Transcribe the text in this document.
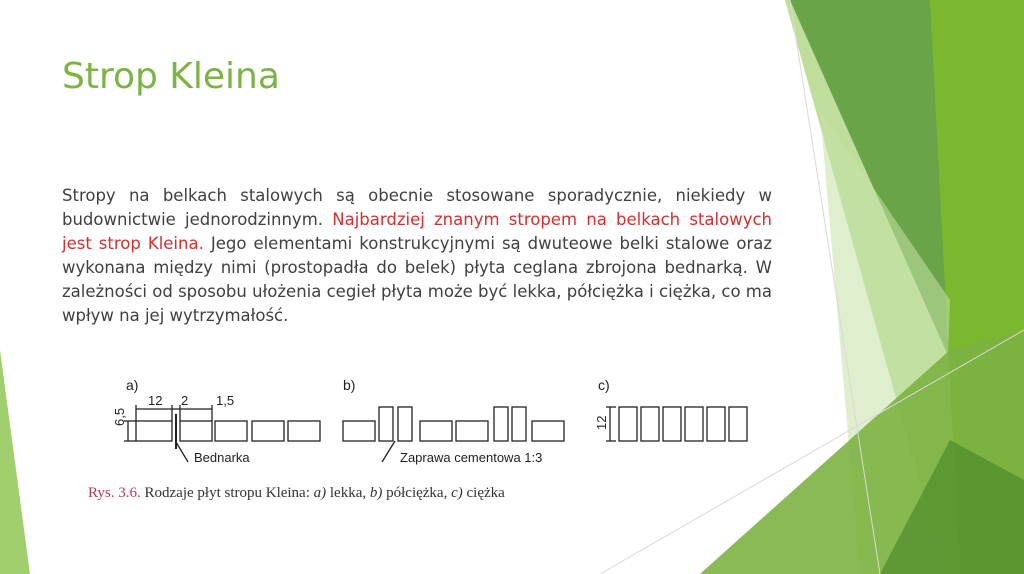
Strop Kleina

Stropy na belkach stalowych są obecnie stosowane sporadycznie, niekiedy w budownictwie jednorodzinnym. Najbardziej znanym stropem na belkach stalowych jest strop Kleina. Jego elementami konstrukcyjnymi są dwuteowe belki stalowe oraz wykonana między nimi (prostopadła do belek) płyta ceglana zbrojona bednarką. W zależności od sposobu ułożenia cegieł płyta może być lekka, półciężka i ciężka, co ma wpływ na jej wytrzymałość.

a)
6,5
12 2 1,5
Bednarka
b)
Zaprawa cementowa 1:3
c)
12
Rys. 3.6. Rodzaje płyt stropu Kleina: a) lekka, b) półciężka, c) ciężka
